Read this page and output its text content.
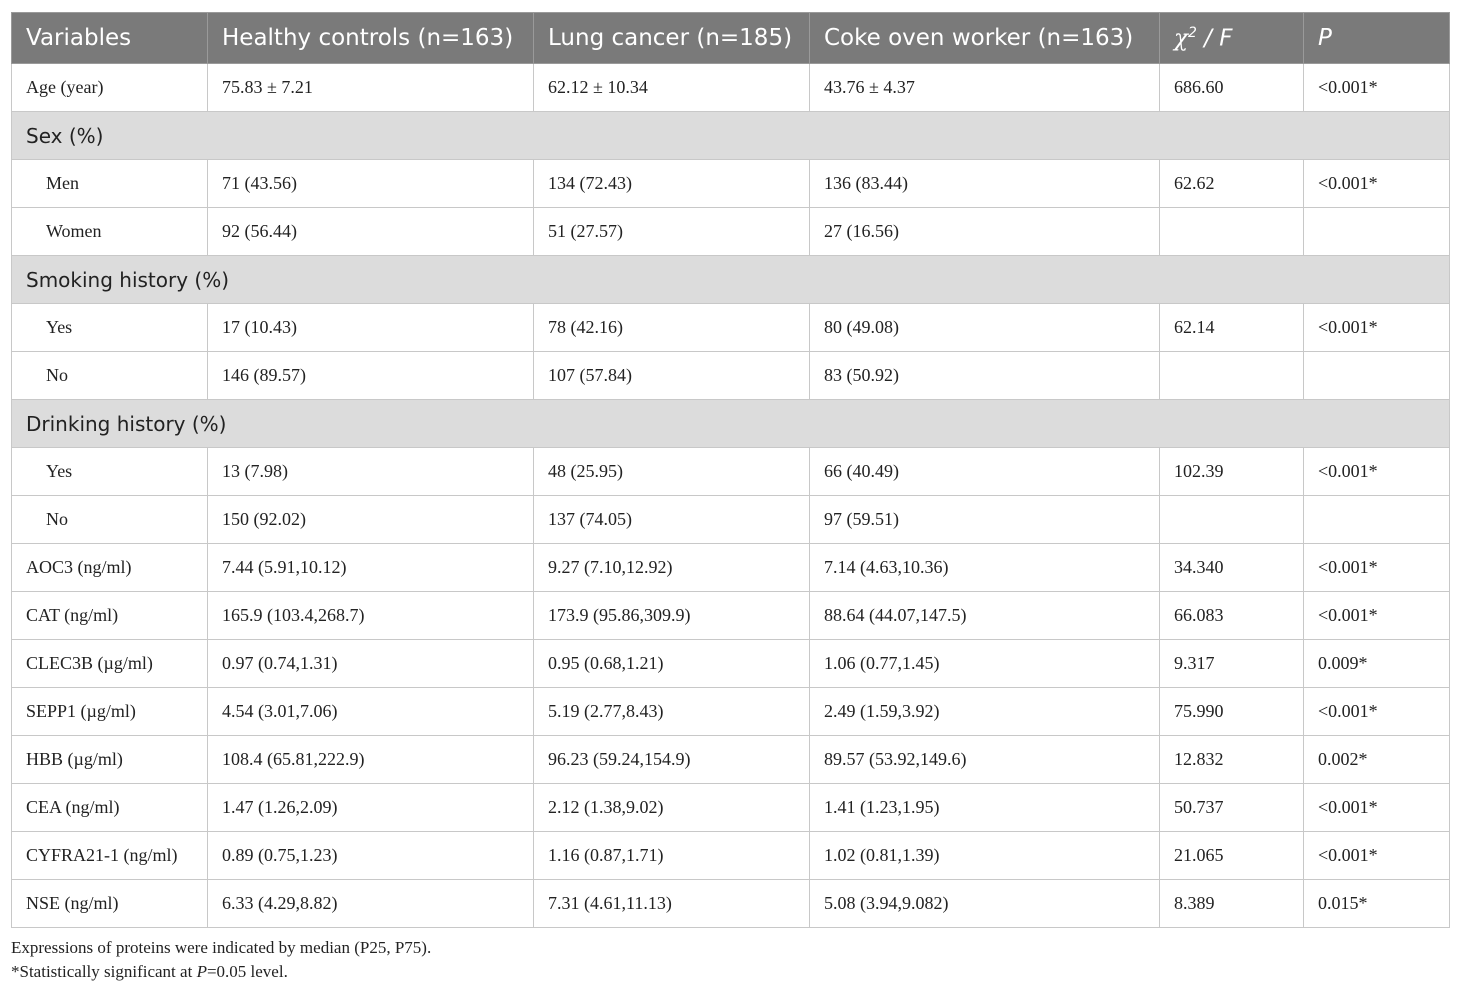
Variables	Healthy controls (n=163)	Lung cancer (n=185)	Coke oven worker (n=163)	$\chi^2$ / F	P
Age (year)	75.83 ± 7.21	62.12 ± 10.34	43.76 ± 4.37	686.60	<0.001*
Sex (%)					
Men	71 (43.56)	134 (72.43)	136 (83.44)	62.62	<0.001*
Women	92 (56.44)	51 (27.57)	27 (16.56)		
Smoking history (%)					
Yes	17 (10.43)	78 (42.16)	80 (49.08)	62.14	<0.001*
No	146 (89.57)	107 (57.84)	83 (50.92)		
Drinking history (%)					
Yes	13 (7.98)	48 (25.95)	66 (40.49)	102.39	<0.001*
No	150 (92.02)	137 (74.05)	97 (59.51)		
AOC3 (ng/ml)	7.44 (5.91,10.12)	9.27 (7.10,12.92)	7.14 (4.63,10.36)	34.340	<0.001*
CAT (ng/ml)	165.9 (103.4,268.7)	173.9 (95.86,309.9)	88.64 (44.07,147.5)	66.083	<0.001*
CLEC3B (µg/ml)	0.97 (0.74,1.31)	0.95 (0.68,1.21)	1.06 (0.77,1.45)	9.317	0.009*
SEPP1 (µg/ml)	4.54 (3.01,7.06)	5.19 (2.77,8.43)	2.49 (1.59,3.92)	75.990	<0.001*
HBB (µg/ml)	108.4 (65.81,222.9)	96.23 (59.24,154.9)	89.57 (53.92,149.6)	12.832	0.002*
CEA (ng/ml)	1.47 (1.26,2.09)	2.12 (1.38,9.02)	1.41 (1.23,1.95)	50.737	<0.001*
CYFRA21-1 (ng/ml)	0.89 (0.75,1.23)	1.16 (0.87,1.71)	1.02 (0.81,1.39)	21.065	<0.001*
NSE (ng/ml)	6.33 (4.29,8.82)	7.31 (4.61,11.13)	5.08 (3.94,9.082)	8.389	0.015*
Expressions of proteins were indicated by median (P25, P75).
*Statistically significant at P=0.05 level.
